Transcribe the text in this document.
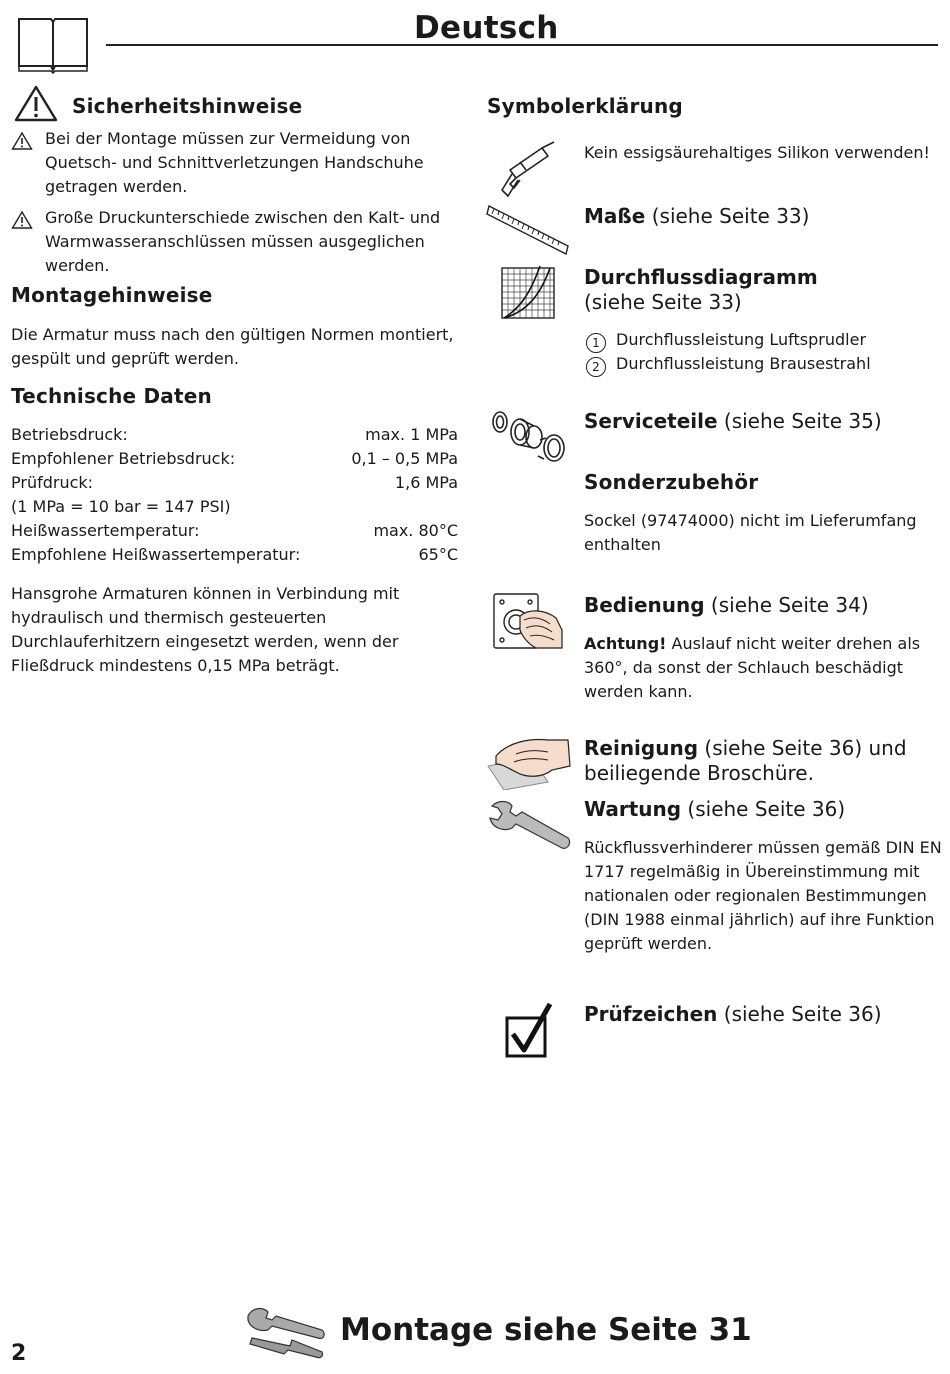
Deutsch
Sicherheitshinweise
Bei der Montage müssen zur Vermeidung von Quetsch- und Schnittverletzungen Handschuhe getragen werden.
Große Druckunterschiede zwischen den Kalt- und Warmwasseranschlüssen müssen ausgeglichen werden.
Montagehinweise
Die Armatur muss nach den gültigen Normen montiert, gespült und geprüft werden.
Technische Daten
Betriebsdruck:	max. 1 MPa
Empfohlener Betriebsdruck:	0,1 – 0,5 MPa
Prüfdruck:	1,6 MPa
(1 MPa = 10 bar = 147 PSI)
Heißwassertemperatur:	max. 80°C
Empfohlene Heißwassertemperatur:	65°C
Hansgrohe Armaturen können in Verbindung mit hydraulisch und thermisch gesteuerten Durchlauferhitzern eingesetzt werden, wenn der Fließdruck mindestens 0,15 MPa beträgt.
Symbolerklärung
Kein essigsäurehaltiges Silikon verwenden!
Maße (siehe Seite 33)
Durchflussdiagramm
(siehe Seite 33)
1 Durchflussleistung Luftsprudler
2 Durchflussleistung Brausestrahl
Serviceteile (siehe Seite 35)
Sonderzubehör
Sockel (97474000) nicht im Lieferumfang enthalten
Bedienung (siehe Seite 34)
Achtung! Auslauf nicht weiter drehen als 360°, da sonst der Schlauch beschädigt werden kann.
Reinigung (siehe Seite 36) und beiliegende Broschüre.
Wartung (siehe Seite 36)
Rückflussverhinderer müssen gemäß DIN EN 1717 regelmäßig in Übereinstimmung mit nationalen oder regionalen Bestimmungen (DIN 1988 einmal jährlich) auf ihre Funktion geprüft werden.
Prüfzeichen (siehe Seite 36)
Montage siehe Seite 31
2
